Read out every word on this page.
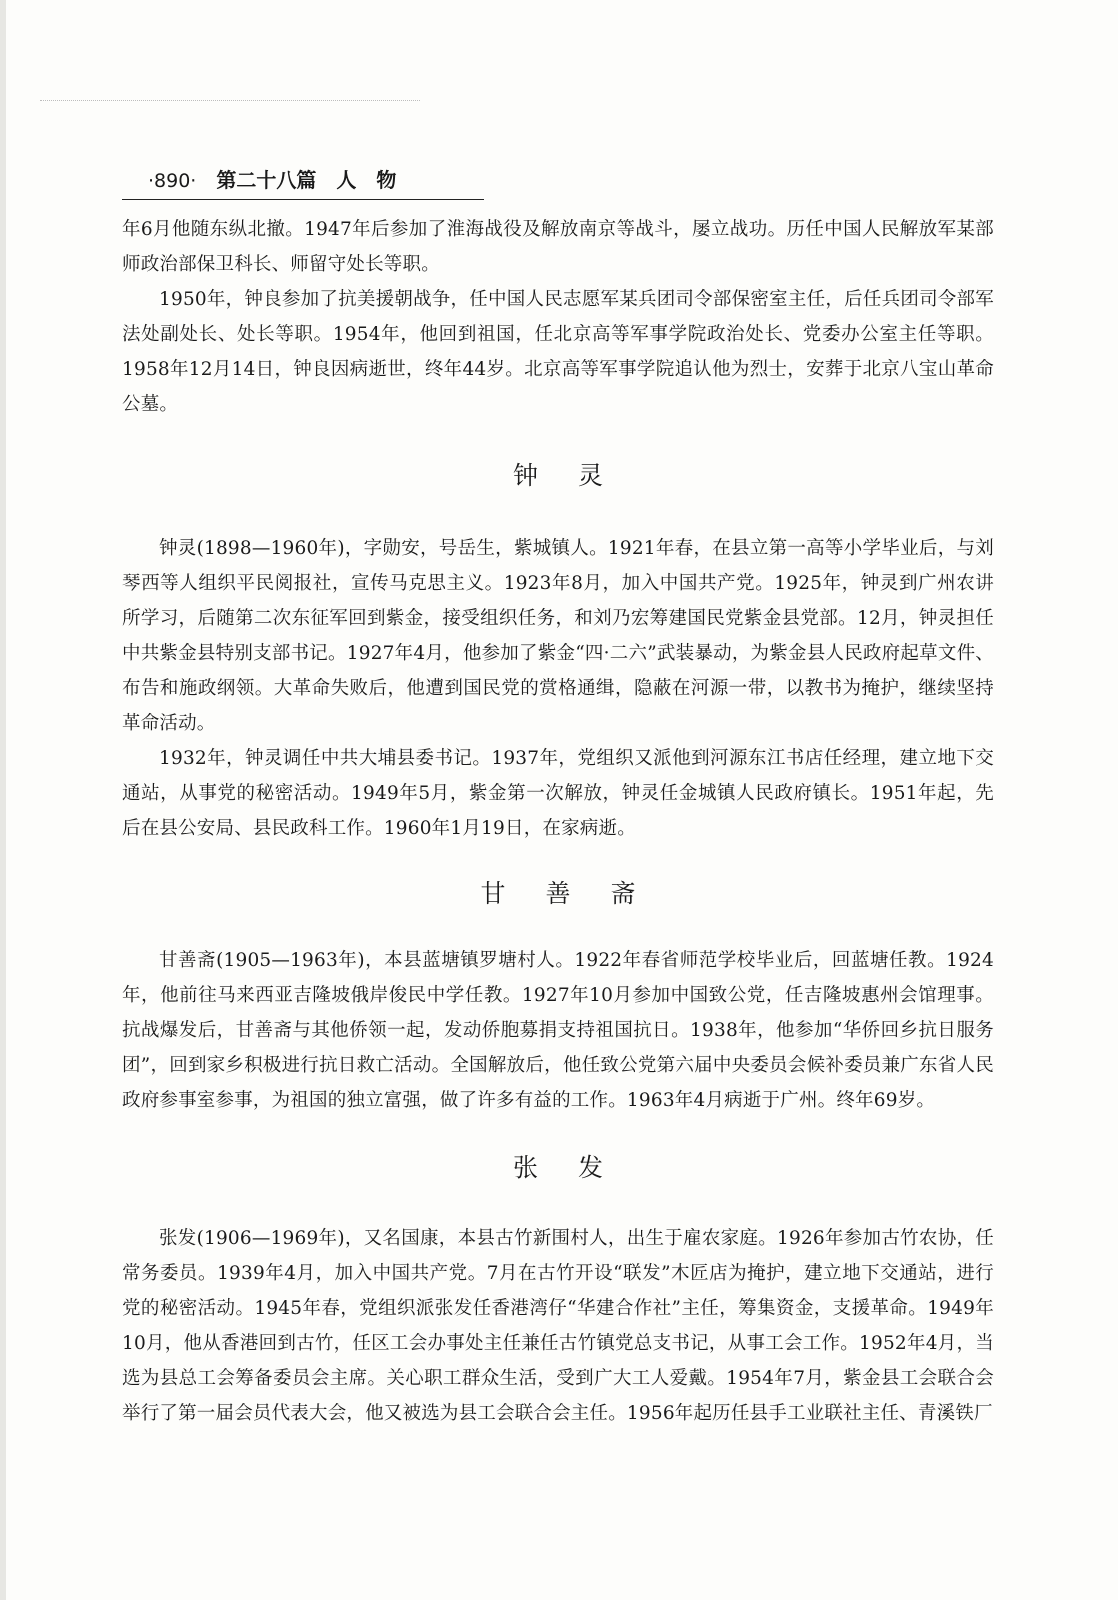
·890· 第二十八篇　人　物

年6月他随东纵北撤。1947年后参加了淮海战役及解放南京等战斗，屡立战功。历任中国人民解放军某部师政治部保卫科长、师留守处长等职。

1950年，钟良参加了抗美援朝战争，任中国人民志愿军某兵团司令部保密室主任，后任兵团司令部军法处副处长、处长等职。1954年，他回到祖国，任北京高等军事学院政治处长、党委办公室主任等职。1958年12月14日，钟良因病逝世，终年44岁。北京高等军事学院追认他为烈士，安葬于北京八宝山革命公墓。

钟灵

钟灵(1898—1960年)，字勋安，号岳生，紫城镇人。1921年春，在县立第一高等小学毕业后，与刘琴西等人组织平民阅报社，宣传马克思主义。1923年8月，加入中国共产党。1925年，钟灵到广州农讲所学习，后随第二次东征军回到紫金，接受组织任务，和刘乃宏筹建国民党紫金县党部。12月，钟灵担任中共紫金县特别支部书记。1927年4月，他参加了紫金“四·二六”武装暴动，为紫金县人民政府起草文件、布告和施政纲领。大革命失败后，他遭到国民党的赏格通缉，隐蔽在河源一带，以教书为掩护，继续坚持革命活动。

1932年，钟灵调任中共大埔县委书记。1937年，党组织又派他到河源东江书店任经理，建立地下交通站，从事党的秘密活动。1949年5月，紫金第一次解放，钟灵任金城镇人民政府镇长。1951年起，先后在县公安局、县民政科工作。1960年1月19日，在家病逝。

甘善斋

甘善斋(1905—1963年)，本县蓝塘镇罗塘村人。1922年春省师范学校毕业后，回蓝塘任教。1924年，他前往马来西亚吉隆坡俄岸俊民中学任教。1927年10月参加中国致公党，任吉隆坡惠州会馆理事。抗战爆发后，甘善斋与其他侨领一起，发动侨胞募捐支持祖国抗日。1938年，他参加“华侨回乡抗日服务团”，回到家乡积极进行抗日救亡活动。全国解放后，他任致公党第六届中央委员会候补委员兼广东省人民政府参事室参事，为祖国的独立富强，做了许多有益的工作。1963年4月病逝于广州。终年69岁。

张发

张发(1906—1969年)，又名国康，本县古竹新围村人，出生于雇农家庭。1926年参加古竹农协，任常务委员。1939年4月，加入中国共产党。7月在古竹开设“联发”木匠店为掩护，建立地下交通站，进行党的秘密活动。1945年春，党组织派张发任香港湾仔“华建合作社”主任，筹集资金，支援革命。1949年10月，他从香港回到古竹，任区工会办事处主任兼任古竹镇党总支书记，从事工会工作。1952年4月，当选为县总工会筹备委员会主席。关心职工群众生活，受到广大工人爱戴。1954年7月，紫金县工会联合会举行了第一届会员代表大会，他又被选为县工会联合会主任。1956年起历任县手工业联社主任、青溪铁厂
